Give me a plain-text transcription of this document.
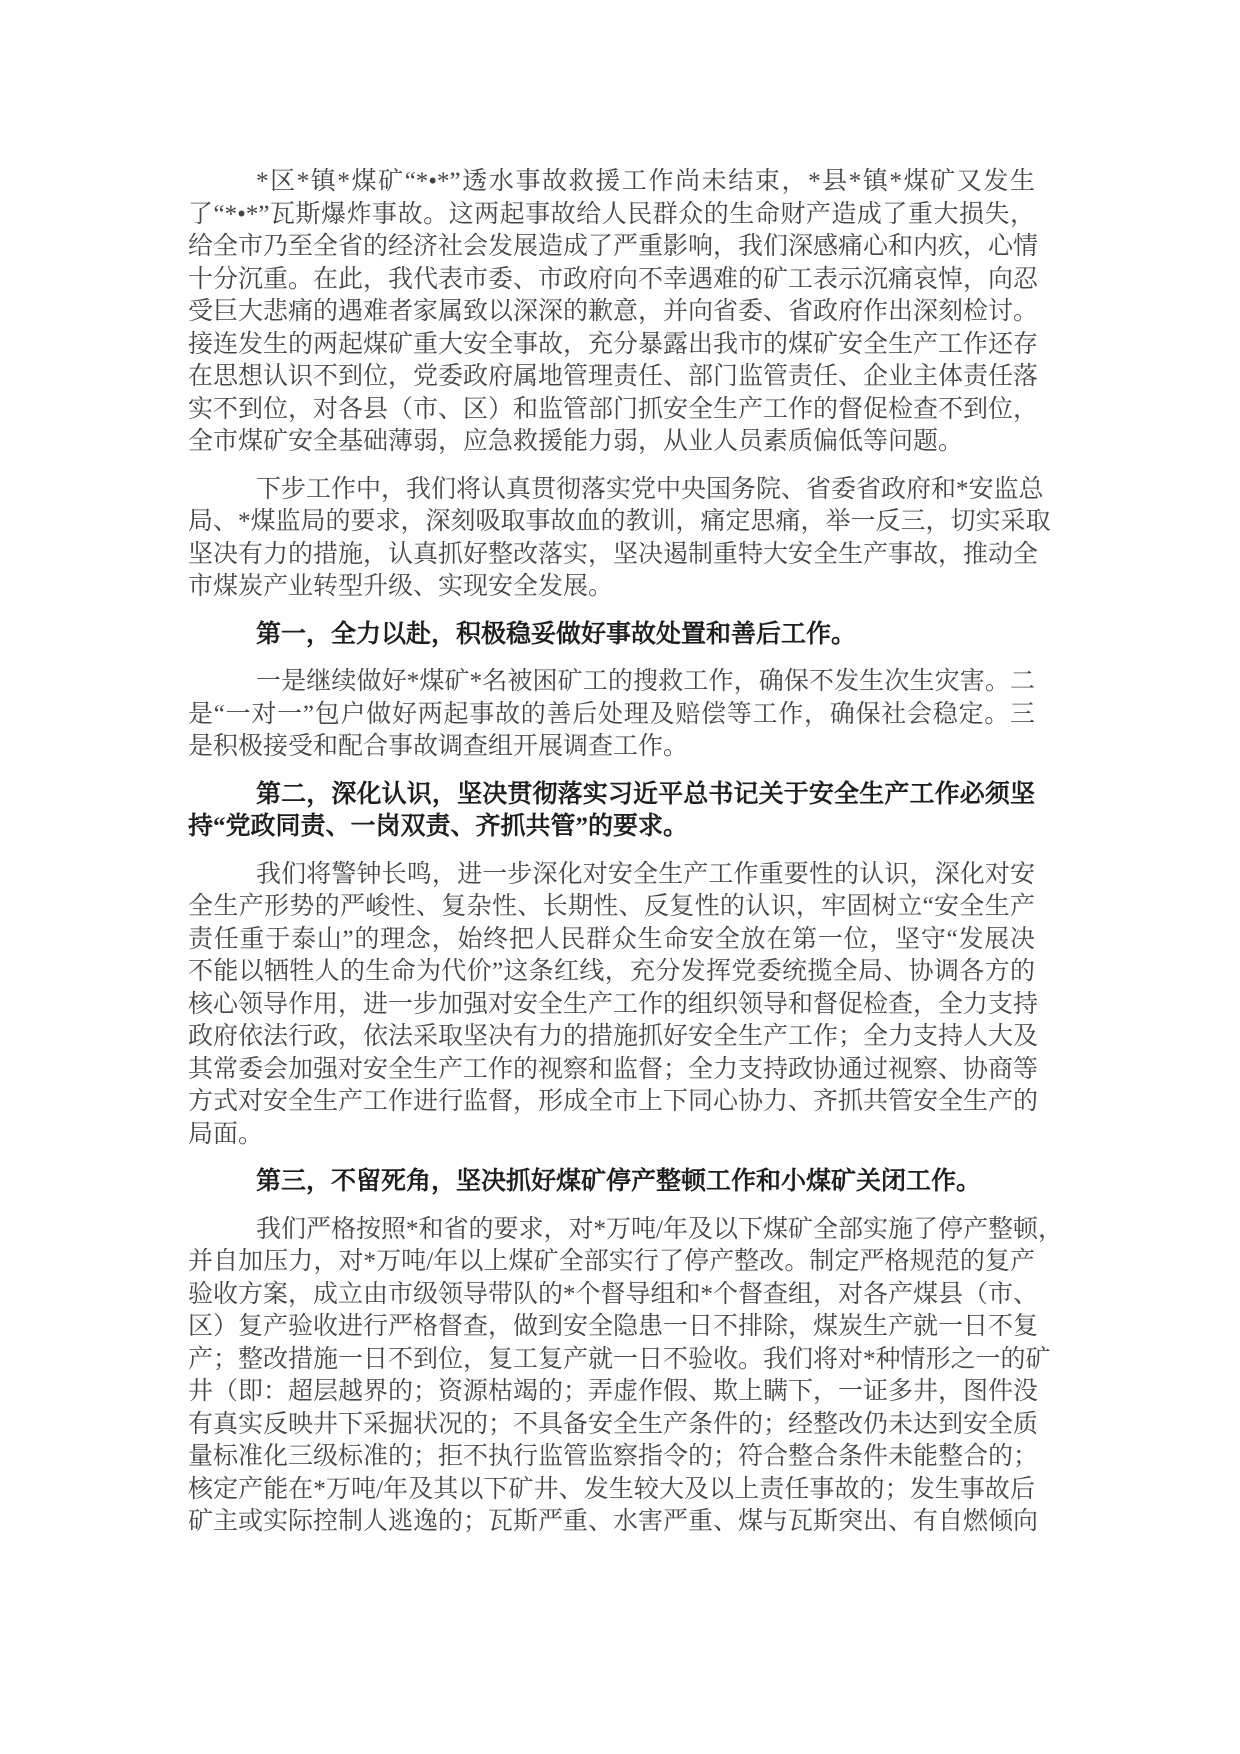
*区*镇*煤矿“*•*”透水事故救援工作尚未结束，*县*镇*煤矿又发生
了“*•*”瓦斯爆炸事故。这两起事故给人民群众的生命财产造成了重大损失，
给全市乃至全省的经济社会发展造成了严重影响，我们深感痛心和内疚，心情
十分沉重。在此，我代表市委、市政府向不幸遇难的矿工表示沉痛哀悼，向忍
受巨大悲痛的遇难者家属致以深深的歉意，并向省委、省政府作出深刻检讨。
接连发生的两起煤矿重大安全事故，充分暴露出我市的煤矿安全生产工作还存
在思想认识不到位，党委政府属地管理责任、部门监管责任、企业主体责任落
实不到位，对各县（市、区）和监管部门抓安全生产工作的督促检查不到位，
全市煤矿安全基础薄弱，应急救援能力弱，从业人员素质偏低等问题。
下步工作中，我们将认真贯彻落实党中央国务院、省委省政府和*安监总
局、*煤监局的要求，深刻吸取事故血的教训，痛定思痛，举一反三，切实采取
坚决有力的措施，认真抓好整改落实，坚决遏制重特大安全生产事故，推动全
市煤炭产业转型升级、实现安全发展。
第一，全力以赴，积极稳妥做好事故处置和善后工作。
一是继续做好*煤矿*名被困矿工的搜救工作，确保不发生次生灾害。二
是“一对一”包户做好两起事故的善后处理及赔偿等工作，确保社会稳定。三
是积极接受和配合事故调查组开展调查工作。
第二，深化认识，坚决贯彻落实习近平总书记关于安全生产工作必须坚
持“党政同责、一岗双责、齐抓共管”的要求。
我们将警钟长鸣，进一步深化对安全生产工作重要性的认识，深化对安
全生产形势的严峻性、复杂性、长期性、反复性的认识，牢固树立“安全生产
责任重于泰山”的理念，始终把人民群众生命安全放在第一位，坚守“发展决
不能以牺牲人的生命为代价”这条红线，充分发挥党委统揽全局、协调各方的
核心领导作用，进一步加强对安全生产工作的组织领导和督促检查，全力支持
政府依法行政，依法采取坚决有力的措施抓好安全生产工作；全力支持人大及
其常委会加强对安全生产工作的视察和监督；全力支持政协通过视察、协商等
方式对安全生产工作进行监督，形成全市上下同心协力、齐抓共管安全生产的
局面。
第三，不留死角，坚决抓好煤矿停产整顿工作和小煤矿关闭工作。
我们严格按照*和省的要求，对*万吨/年及以下煤矿全部实施了停产整顿，
并自加压力，对*万吨/年以上煤矿全部实行了停产整改。制定严格规范的复产
验收方案，成立由市级领导带队的*个督导组和*个督查组，对各产煤县（市、
区）复产验收进行严格督查，做到安全隐患一日不排除，煤炭生产就一日不复
产；整改措施一日不到位，复工复产就一日不验收。我们将对*种情形之一的矿
井（即：超层越界的；资源枯竭的；弄虚作假、欺上瞒下，一证多井，图件没
有真实反映井下采掘状况的；不具备安全生产条件的；经整改仍未达到安全质
量标准化三级标准的；拒不执行监管监察指令的；符合整合条件未能整合的；
核定产能在*万吨/年及其以下矿井、发生较大及以上责任事故的；发生事故后
矿主或实际控制人逃逸的；瓦斯严重、水害严重、煤与瓦斯突出、有自燃倾向
